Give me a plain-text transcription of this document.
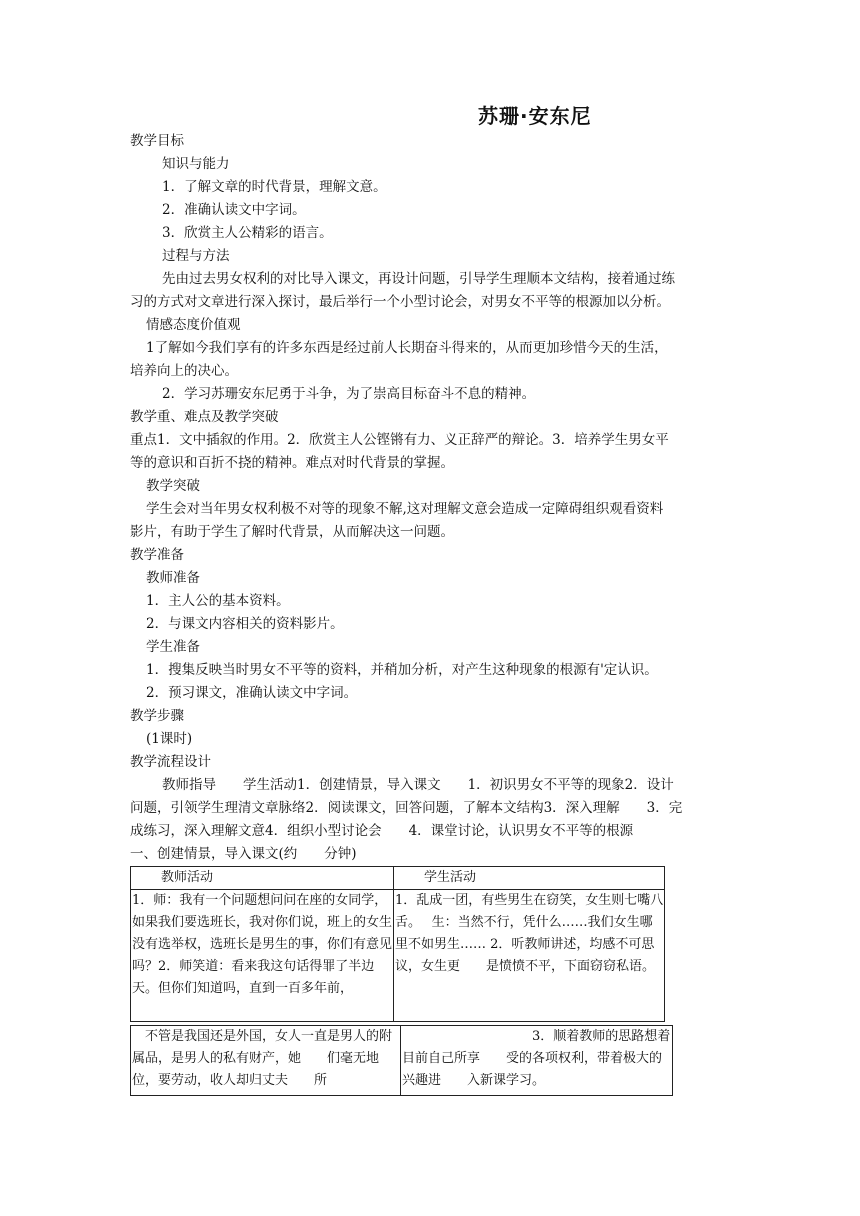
苏珊·安东尼
教学目标
知识与能力
1．了解文章的时代背景，理解文意。
2．准确认读文中字词。
3．欣赏主人公精彩的语言。
过程与方法
先由过去男女权利的对比导入课文，再设计问题，引导学生理顺本文结构，接着通过练
习的方式对文章进行深入探讨，最后举行一个小型讨论会，对男女不平等的根源加以分析。
情感态度价值观
1了解如今我们享有的许多东西是经过前人长期奋斗得来的，从而更加珍惜今天的生活，
培养向上的决心。
2．学习苏珊安东尼勇于斗争，为了崇高目标奋斗不息的精神。
教学重、难点及教学突破
重点1．文中插叙的作用。2．欣赏主人公铿锵有力、义正辞严的辩论。3．培养学生男女平
等的意识和百折不挠的精神。难点对时代背景的掌握。
教学突破
学生会对当年男女权利极不对等的现象不解,这对理解文意会造成一定障碍组织观看资料
影片，有助于学生了解时代背景，从而解决这一问题。
教学准备
教师准备
1．主人公的基本资料。
2．与课文内容相关的资料影片。
学生准备
1．搜集反映当时男女不平等的资料，并稍加分析，对产生这种现象的根源有'定认识。
2．预习课文，准确认读文中字词。
教学步骤
(1课时)
教学流程设计
教师指导　　学生活动1．创建情景，导入课文　　1．初识男女不平等的现象2．设计
问题，引领学生理清文章脉络2．阅读课文，回答问题，了解本文结构3．深入理解　　3．完
成练习，深入理解文意4．组织小型讨论会　　4．课堂讨论，认识男女不平等的根源
一、创建情景，导入课文(约　　分钟)
教师活动	学生活动
1．师：我有一个问题想问问在座的女同学，如果我们要选班长，我对你们说，班上的女生没有选举权，选班长是男生的事，你们有意见吗？2．师笑道：看来我这句话得罪了半边　　天。但你们知道吗，直到一百多年前，	1．乱成一团，有些男生在窃笑，女生则七嘴八舌。　 生：当然不行，凭什么……我们女生哪里不如男生…… 2．听教师讲述，均感不可思议，女生更　　是愤愤不平，下面窃窃私语。
　不管是我国还是外国，女人一直是男人的附属品，是男人的私有财产，她　　们毫无地位，要劳动，收人却归丈夫　　所	　　　　　　　　　　3．顺着教师的思路想着目前自己所享　　受的各项权利，带着极大的兴趣进　　入新课学习。
